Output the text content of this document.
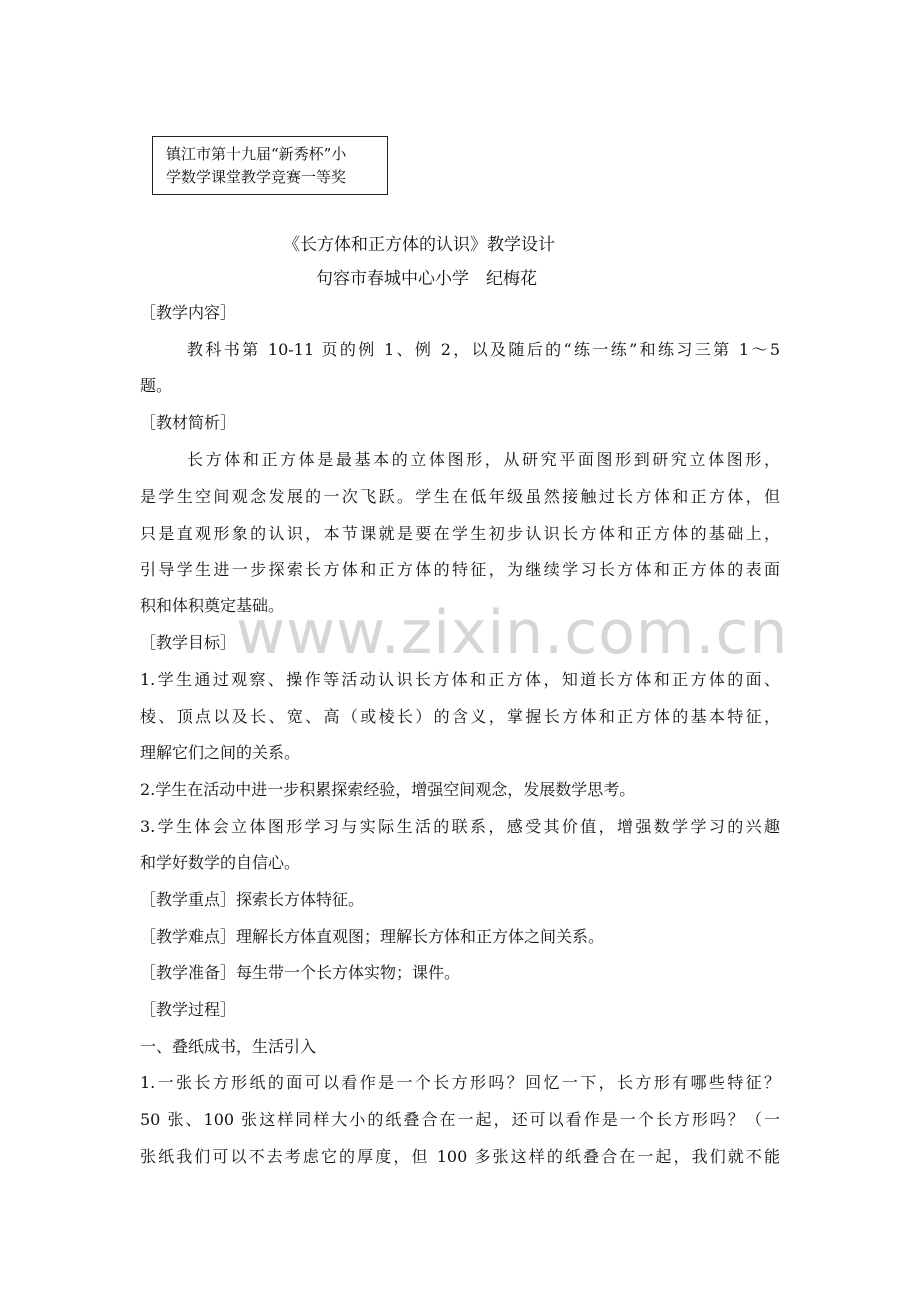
镇江市第十九届“新秀杯”小
学数学课堂教学竞赛一等奖
《长方体和正方体的认识》教学设计
句容市春城中心小学　纪梅花
［教学内容］
教科书第 10-11 页的例 1、例 2，以及随后的“练一练”和练习三第 1～5
题。
［教材简析］
长方体和正方体是最基本的立体图形，从研究平面图形到研究立体图形，
是学生空间观念发展的一次飞跃。学生在低年级虽然接触过长方体和正方体，但
只是直观形象的认识，本节课就是要在学生初步认识长方体和正方体的基础上，
引导学生进一步探索长方体和正方体的特征，为继续学习长方体和正方体的表面
积和体积奠定基础。
［教学目标］
1.学生通过观察、操作等活动认识长方体和正方体，知道长方体和正方体的面、
棱、顶点以及长、宽、高（或棱长）的含义，掌握长方体和正方体的基本特征，
理解它们之间的关系。
2.学生在活动中进一步积累探索经验，增强空间观念，发展数学思考。
3.学生体会立体图形学习与实际生活的联系，感受其价值，增强数学学习的兴趣
和学好数学的自信心。
［教学重点］探索长方体特征。
［教学难点］理解长方体直观图；理解长方体和正方体之间关系。
［教学准备］每生带一个长方体实物；课件。
［教学过程］
一、叠纸成书，生活引入
1.一张长方形纸的面可以看作是一个长方形吗？回忆一下，长方形有哪些特征？
50 张、100 张这样同样大小的纸叠合在一起，还可以看作是一个长方形吗？（一
张纸我们可以不去考虑它的厚度，但 100 多张这样的纸叠合在一起，我们就不能
www.zixin.com.cn
